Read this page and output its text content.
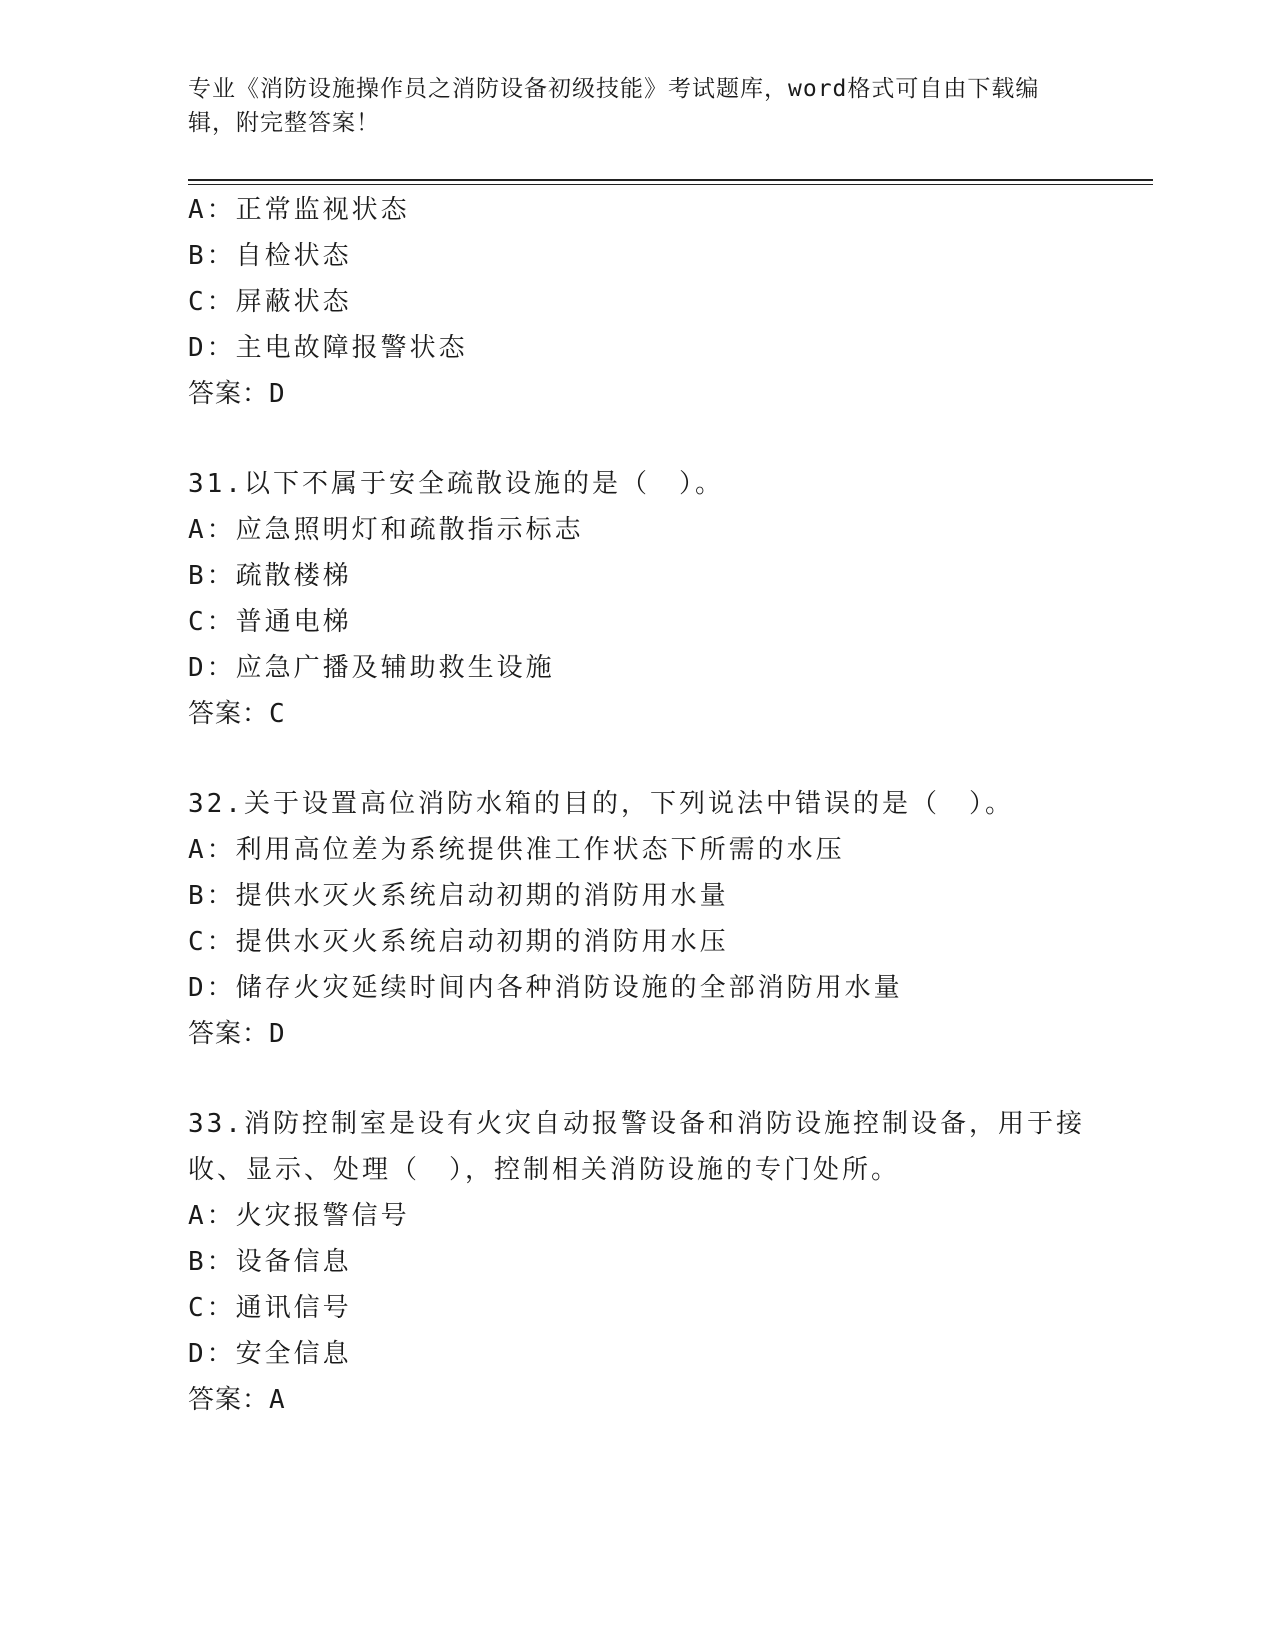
专业《消防设施操作员之消防设备初级技能》考试题库，word格式可自由下载编
辑，附完整答案！
A：正常监视状态
B：自检状态
C：屏蔽状态
D：主电故障报警状态
答案：D
31.以下不属于安全疏散设施的是（　）。
A：应急照明灯和疏散指示标志
B：疏散楼梯
C：普通电梯
D：应急广播及辅助救生设施
答案：C
32.关于设置高位消防水箱的目的，下列说法中错误的是（　）。
A：利用高位差为系统提供准工作状态下所需的水压
B：提供水灭火系统启动初期的消防用水量
C：提供水灭火系统启动初期的消防用水压
D：储存火灾延续时间内各种消防设施的全部消防用水量
答案：D
33.消防控制室是设有火灾自动报警设备和消防设施控制设备，用于接
收、显示、处理（　），控制相关消防设施的专门处所。
A：火灾报警信号
B：设备信息
C：通讯信号
D：安全信息
答案：A
